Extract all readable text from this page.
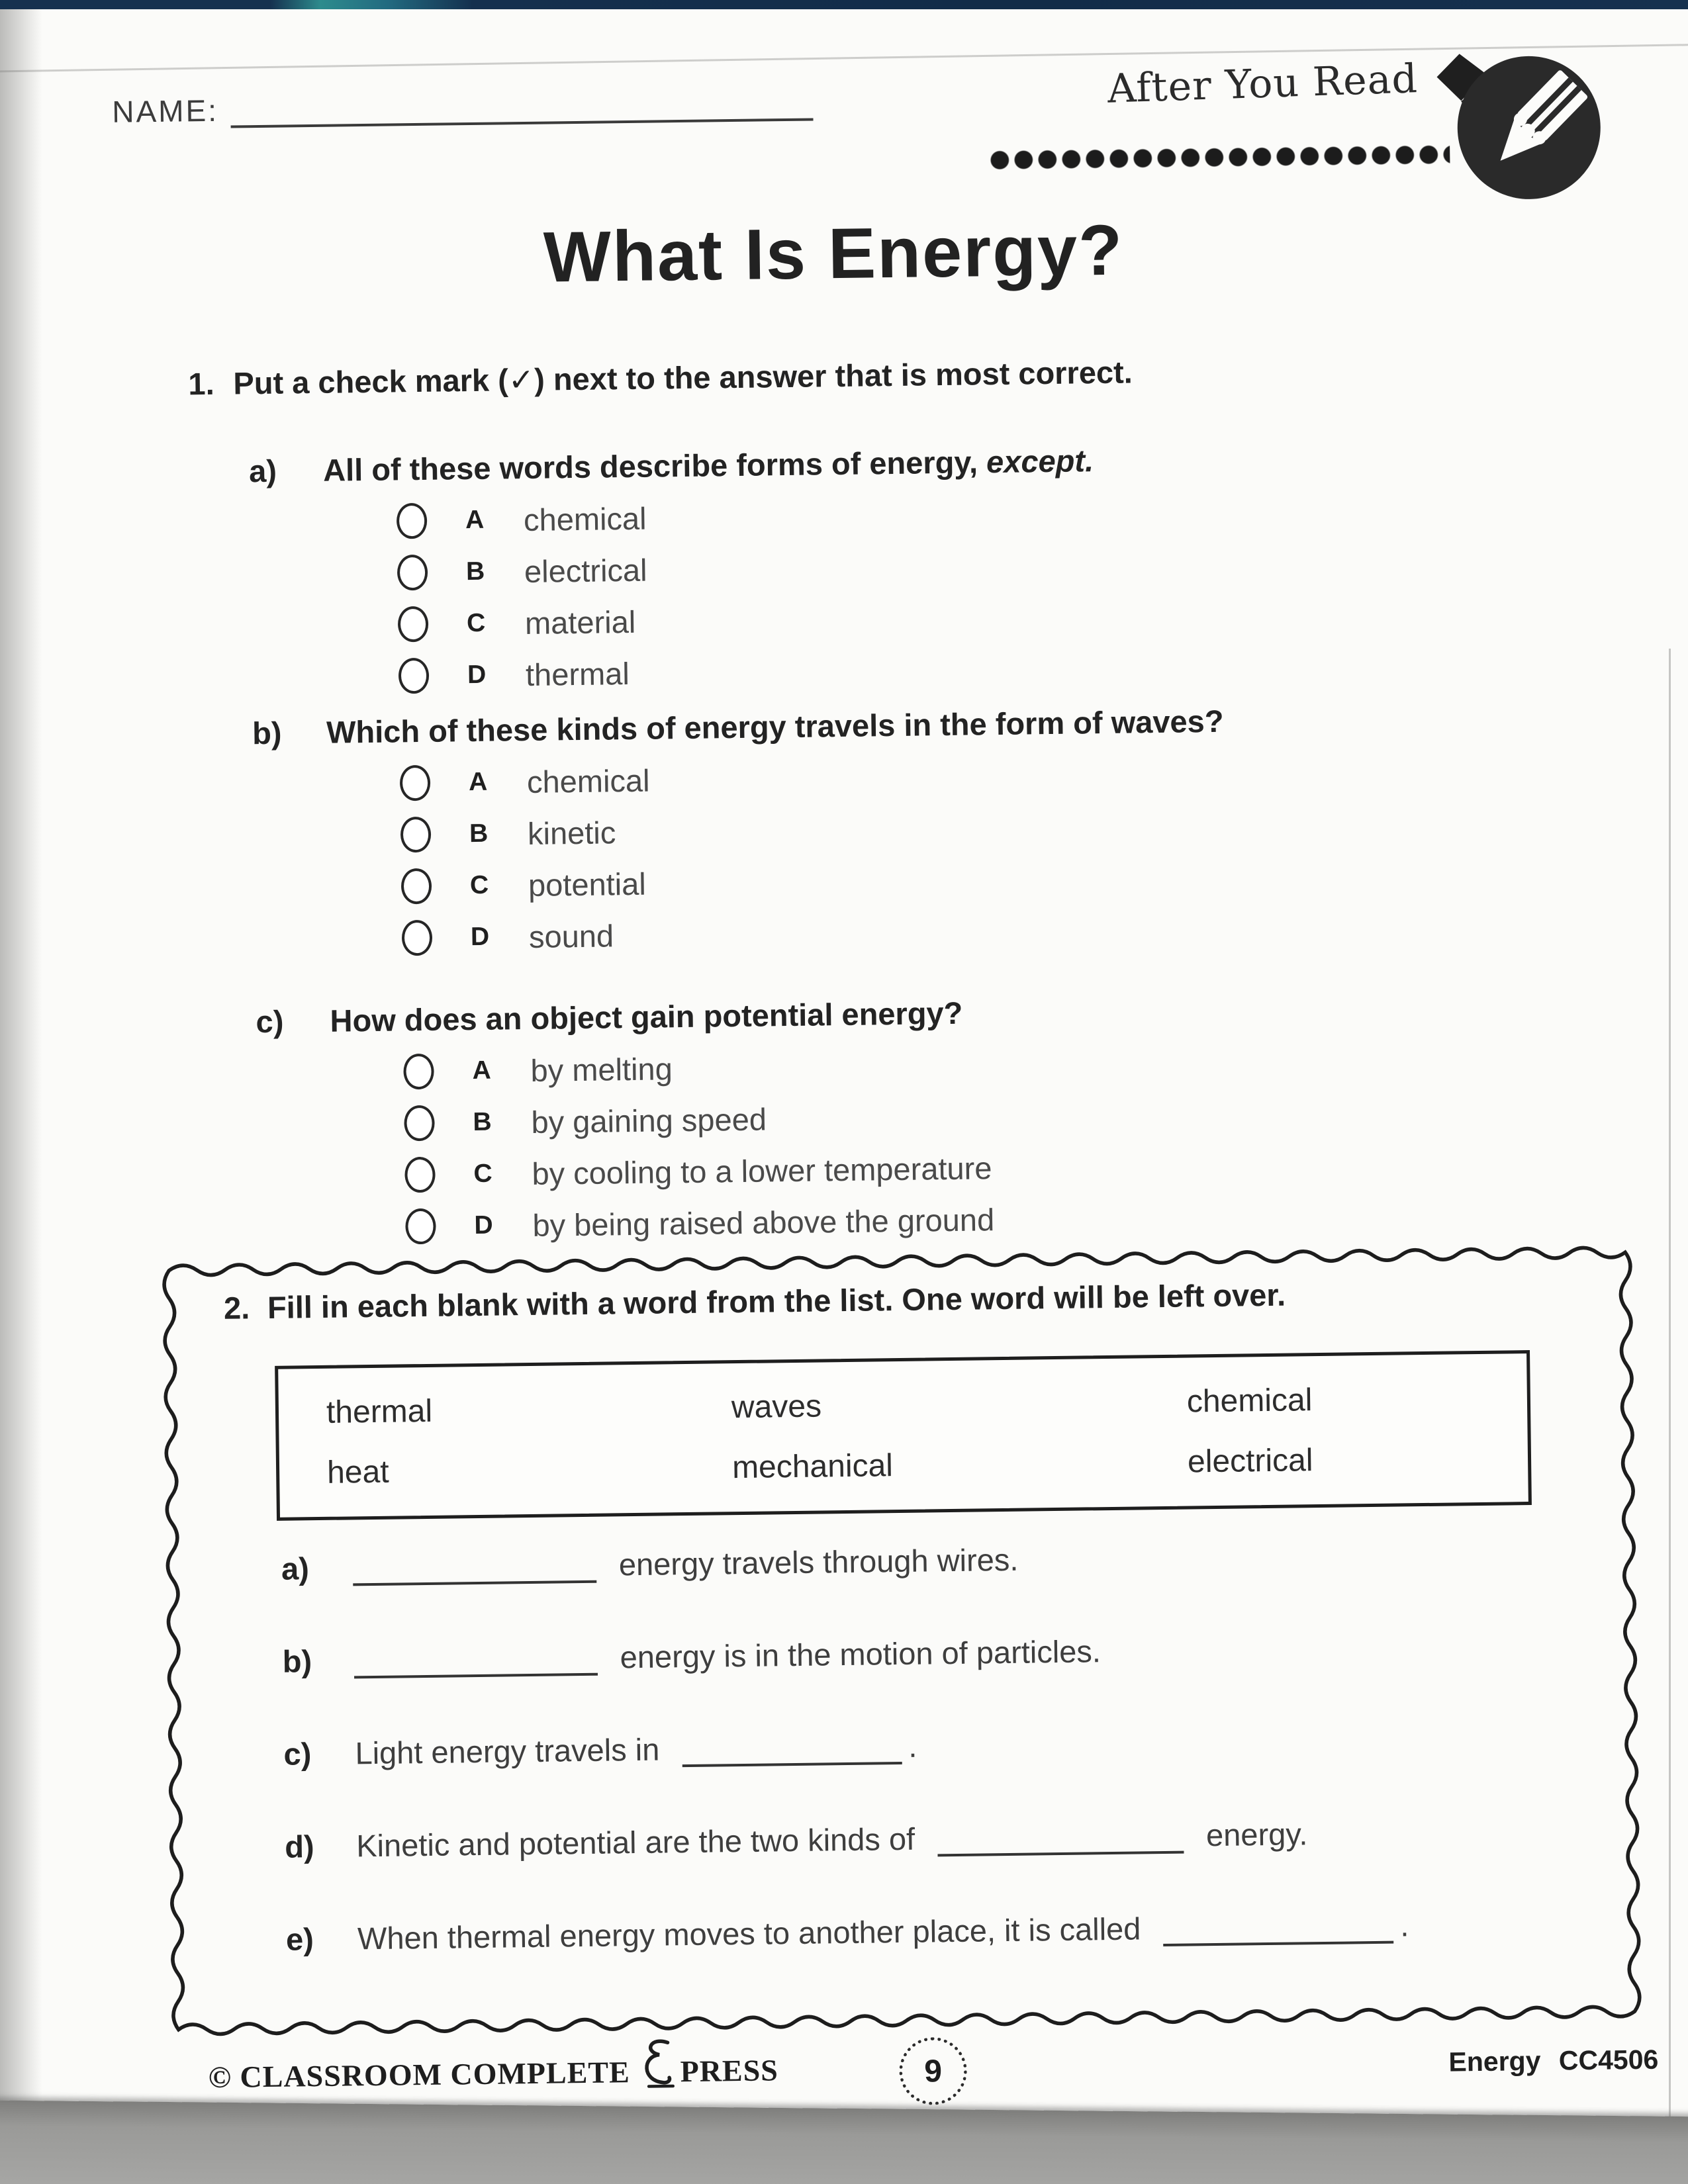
NAME:	After You Read
What Is Energy?
1. Put a check mark (✓) next to the answer that is most correct.
a)	All of these words describe forms of energy, except.
A	chemical
B	electrical
C	material
D	thermal
b)	Which of these kinds of energy travels in the form of waves?
A	chemical
B	kinetic
C	potential
D	sound
c)	How does an object gain potential energy?
A	by melting
B	by gaining speed
C	by cooling to a lower temperature
D	by being raised above the ground
2. Fill in each blank with a word from the list. One word will be left over.
thermal	waves	chemical
heat	mechanical	electrical
a)	energy travels through wires.
b)	energy is in the motion of particles.
c)	Light energy travels in	.
d)	Kinetic and potential are the two kinds of	energy.
e)	When thermal energy moves to another place, it is called	.
© CLASSROOM COMPLETE PRESS	9	Energy CC4506
